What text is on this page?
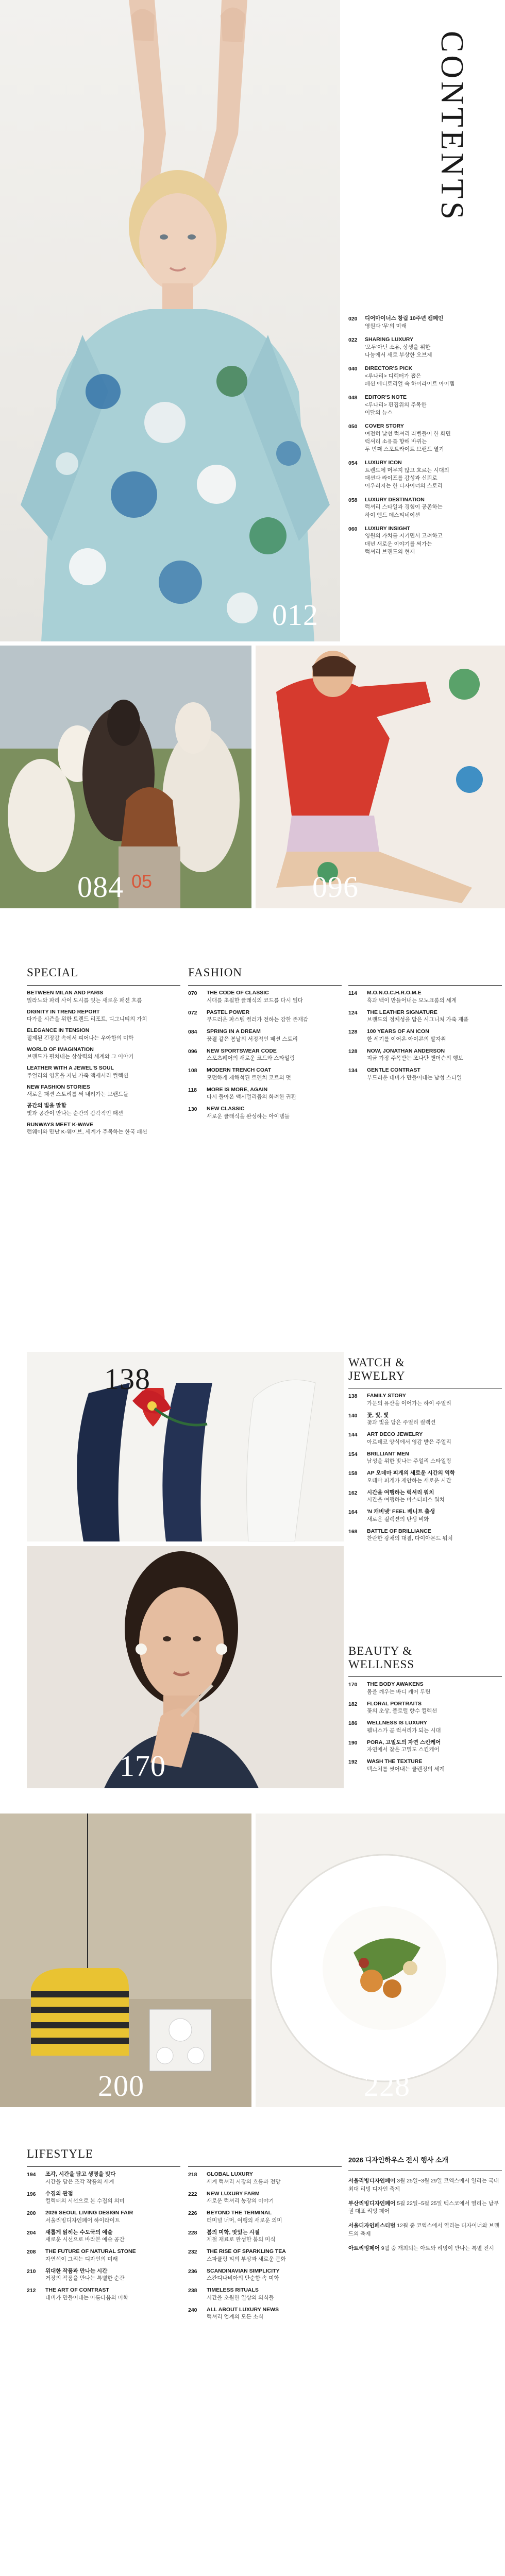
012
CONTENTS
020	디어마이너스 창립 10주년 캠페인
영원과 '무'의 미래
022	SHARING LUXURY
'모두'아닌 소유, 상생을 위한
나눔에서 새로 부상한 오브제
040	DIRECTOR'S PICK
<루나리> 디렉터가 뽑은
패션 에디토리얼 속 하이라이트 아이템
048	EDITOR'S NOTE
<루나리> 편집위의 주목한
이달의 뉴스
050	COVER STORY
여전히 낯선 럭셔리 라벨들이 한 화면
럭셔리 소유를 향해 바뀌는
두 번째 스포트라이트 브랜드 열기
054	LUXURY ICON
트렌드에 머무지 않고 흐르는 시대의
패션과 라이프를 감성과 신뢰로
어우러지는 한 디자이너의 스토리
058	LUXURY DESTINATION
럭셔리 스타일과 경험이 공존하는
하이 엔드 데스티네이션
060	LUXURY INSIGHT
영원의 가치를 지키면서 고려하고
매년 새로운 이야기를 써가는
럭셔리 브랜드의 현재
05
084	096
SPECIAL	FASHION
BETWEEN MILAN AND PARIS
밀라노와 파리 사이 도시를 잇는 새로운 패션 흐름
DIGNITY IN TREND REPORT
다가올 시즌을 위한 트렌드 리포트, 디그니티의 가치
ELEGANCE IN TENSION
절제된 긴장감 속에서 피어나는 우아함의 미학
WORLD OF IMAGINATION
브랜드가 펼쳐내는 상상력의 세계와 그 이야기
LEATHER WITH A JEWEL'S SOUL
주얼리의 영혼을 지닌 가죽 액세서리 컬렉션
NEW FASHION STORIES
새로운 패션 스토리를 써 내려가는 브랜드들
공간의 빛을 말함
빛과 공간이 만나는 순간의 감각적인 패션
RUNWAYS MEET K-WAVE
런웨이와 만난 K-웨이브, 세계가 주목하는 한국 패션
070	THE CODE OF CLASSIC
시대를 초월한 클래식의 코드를 다시 읽다
072	PASTEL POWER
부드러운 파스텔 컬러가 전하는 강한 존재감
084	SPRING IN A DREAM
꿈결 같은 봄날의 서정적인 패션 스토리
096	NEW SPORTSWEAR CODE
스포츠웨어의 새로운 코드와 스타일링
108	MODERN TRENCH COAT
모던하게 재해석된 트렌치 코트의 멋
118	MORE IS MORE, AGAIN
다시 돌아온 맥시멀리즘의 화려한 귀환
130	NEW CLASSIC
새로운 클래식을 완성하는 아이템들
114	M.O.N.O.C.H.R.O.M.E
흑과 백이 만들어내는 모노크롬의 세계
124	THE LEATHER SIGNATURE
브랜드의 정체성을 담은 시그니처 가죽 제품
128	100 YEARS OF AN ICON
한 세기를 이어온 아이콘의 발자취
128	NOW, JONATHAN ANDERSON
지금 가장 주목받는 조나단 앤더슨의 행보
134	GENTLE CONTRAST
부드러운 대비가 만들어내는 남성 스타일
138
170
WATCH &
JEWELRY
138	FAMILY STORY
가문의 유산을 이어가는 하이 주얼리
140	꽃, 빛, 빛
꽃과 빛을 담은 주얼리 컬렉션
144	ART DECO JEWELRY
아르데코 양식에서 영감 받은 주얼리
154	BRILLIANT MEN
남성을 위한 빛나는 주얼리 스타일링
158	AP 오데마 피게의 새로운 시간의 역학
오데마 피게가 제안하는 새로운 시간
162	시간을 여행하는 럭셔리 워치
시간을 여행하는 마스터피스 워치
164	'N 캐비넷' FEEL 베니트 출생
새로운 컬렉션의 탄생 비화
168	BATTLE OF BRILLIANCE
찬란한 광채의 대결, 다이아몬드 워치
BEAUTY &
WELLNESS
170	THE BODY AWAKENS
몸을 깨우는 바디 케어 루틴
182	FLORAL PORTRAITS
꽃의 초상, 플로럴 향수 컬렉션
186	WELLNESS IS LUXURY
웰니스가 곧 럭셔리가 되는 시대
190	PORA, 고밀도의 자연 스킨케어
자연에서 찾은 고밀도 스킨케어
192	WASH THE TEXTURE
텍스처를 씻어내는 클렌징의 세계
200	228
LIFESTYLE
194	조각, 시간을 담고 생명을 빚다
시간을 담은 조각 작품의 세계
196	수집의 관점
컬렉터의 시선으로 본 수집의 의미
200	2026 SEOUL LIVING DESIGN FAIR
서울리빙디자인페어 하이라이트
204	새롭게 읽히는 수도국의 예술
새로운 시선으로 바라본 예술 공간
208	THE FUTURE OF NATURAL STONE
자연석이 그리는 디자인의 미래
210	위대한 작품과 만나는 시간
거장의 작품을 만나는 특별한 순간
212	THE ART OF CONTRAST
대비가 만들어내는 아름다움의 미학
218	GLOBAL LUXURY
세계 럭셔리 시장의 흐름과 전망
222	NEW LUXURY FARM
새로운 럭셔리 농장의 이야기
226	BEYOND THE TERMINAL
터미널 너머, 여행의 새로운 의미
228	봄의 미학, 맛있는 시절
제철 재료로 완성한 봄의 미식
232	THE RISE OF SPARKLING TEA
스파클링 티의 부상과 새로운 문화
236	SCANDINAVIAN SIMPLICITY
스칸디나비아의 단순함 속 미학
238	TIMELESS RITUALS
시간을 초월한 일상의 의식들
240	ALL ABOUT LUXURY NEWS
럭셔리 업계의 모든 소식
2026 디자인하우스 전시 행사 소개
서울리빙디자인페어 3월 25일~3월 29일 코엑스에서 열리는 국내 최대 리빙 디자인 축제
부산리빙디자인페어 5월 22일~5월 25일 벡스코에서 열리는 남부권 대표 리빙 페어
서울디자인페스티벌 12월 중 코엑스에서 열리는 디자이너와 브랜드의 축제
아트리빙페어 9월 중 개최되는 아트와 리빙이 만나는 특별 전시
